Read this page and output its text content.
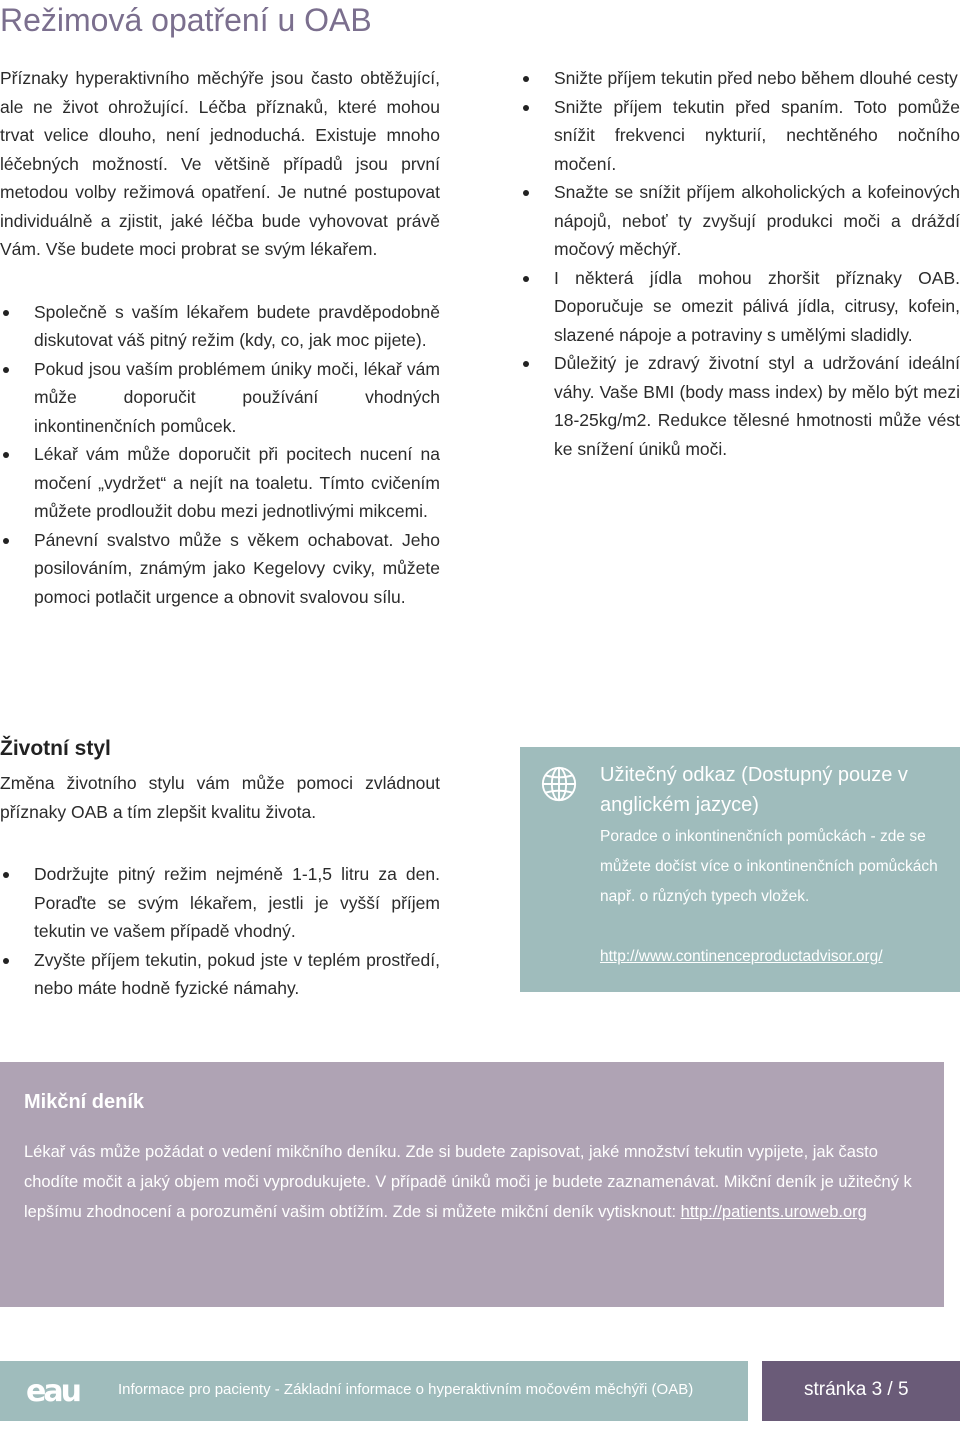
Režimová opatření u OAB

Příznaky hyperaktivního měchýře jsou často obtěžující, ale ne život ohrožující. Léčba příznaků, které mohou trvat velice dlouho, není jednoduchá. Existuje mnoho léčebných možností. Ve většině případů jsou první metodou volby režimová opatření. Je nutné postupovat individuálně a zjistit, jaké léčba bude vyhovovat právě Vám. Vše budete moci probrat se svým lékařem.

Společně s vaším lékařem budete pravděpodobně diskutovat váš pitný režim (kdy, co, jak moc pijete).
Pokud jsou vaším problémem úniky moči, lékař vám může doporučit používání vhodných inkontinenčních pomůcek.
Lékař vám může doporučit při pocitech nucení na močení „vydržet“ a nejít na toaletu. Tímto cvičením můžete prodloužit dobu mezi jednotlivými mikcemi.
Pánevní svalstvo může s věkem ochabovat. Jeho posilováním, známým jako Kegelovy cviky, můžete pomoci potlačit urgence a obnovit svalovou sílu.
Snižte příjem tekutin před nebo během dlouhé cesty
Snižte příjem tekutin před spaním. Toto pomůže snížit frekvenci nykturií, nechtěného nočního močení.
Snažte se snížit příjem alkoholických a kofeinových nápojů, neboť ty zvyšují produkci moči a dráždí močový měchýř.
I některá jídla mohou zhoršit příznaky OAB. Doporučuje se omezit pálivá jídla, citrusy, kofein, slazené nápoje a potraviny s umělými sladidly.
Důležitý je zdravý životní styl a udržování ideální váhy. Vaše BMI (body mass index) by mělo být mezi 18-25kg/m2. Redukce tělesné hmotnosti může vést ke snížení úniků moči.
Životní styl

Změna životního stylu vám může pomoci zvládnout příznaky OAB a tím zlepšit kvalitu života.

Dodržujte pitný režim nejméně 1-1,5 litru za den. Poraďte se svým lékařem, jestli je vyšší příjem tekutin ve vašem případě vhodný.
Zvyšte příjem tekutin, pokud jste v teplém prostředí, nebo máte hodně fyzické námahy.
Užitečný odkaz (Dostupný pouze v anglickém jazyce)
Poradce o inkontinenčních pomůckách - zde se můžete dočíst více o inkontinenčních pomůckách např. o různých typech vložek.
http://www.continenceproductadvisor.org/
Mikční deník
Lékař vás může požádat o vedení mikčního deníku. Zde si budete zapisovat, jaké množství tekutin vypijete, jak často chodíte močit a jaký objem moči vyprodukujete. V případě úniků moči je budete zaznamenávat. Mikční deník je užitečný k lepšímu zhodnocení a porozumění vašim obtížím. Zde si můžete mikční deník vytisknout: http://patients.uroweb.org
eau	Informace pro pacienty - Základní informace o hyperaktivním močovém měchýři (OAB)	stránka 3 / 5
